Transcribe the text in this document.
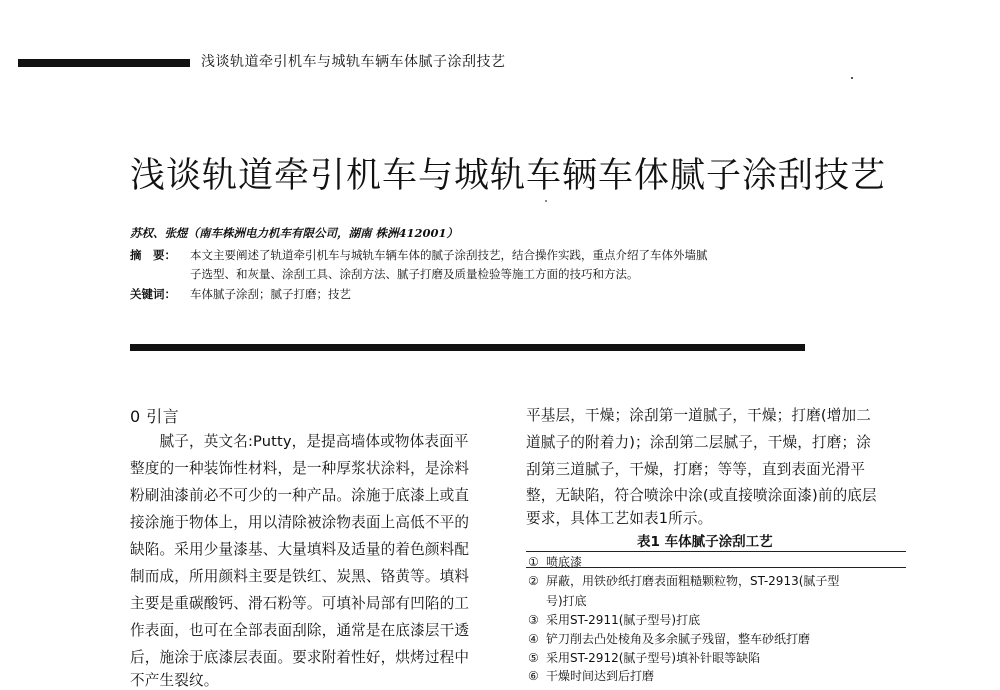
浅谈轨道牵引机车与城轨车辆车体腻子涂刮技艺
浅谈轨道牵引机车与城轨车辆车体腻子涂刮技艺
苏权、张煜（南车株洲电力机车有限公司，湖南 株洲412001）
摘　要： 本文主要阐述了轨道牵引机车与城轨车辆车体的腻子涂刮技艺，结合操作实践，重点介绍了车体外墙腻
子选型、和灰量、涂刮工具、涂刮方法、腻子打磨及质量检验等施工方面的技巧和方法。
关键词： 车体腻子涂刮；腻子打磨；技艺
0 引言
　　腻子，英文名:Putty，是提高墙体或物体表面平
整度的一种装饰性材料，是一种厚浆状涂料，是涂料
粉刷油漆前必不可少的一种产品。涂施于底漆上或直
接涂施于物体上，用以清除被涂物表面上高低不平的
缺陷。采用少量漆基、大量填料及适量的着色颜料配
制而成，所用颜料主要是铁红、炭黑、铬黄等。填料
主要是重碳酸钙、滑石粉等。可填补局部有凹陷的工
作表面，也可在全部表面刮除，通常是在底漆层干透
后，施涂于底漆层表面。要求附着性好，烘烤过程中
不产生裂纹。
平基层，干燥；涂刮第一道腻子，干燥；打磨(增加二
道腻子的附着力)；涂刮第二层腻子，干燥，打磨；涂
刮第三道腻子，干燥，打磨；等等，直到表面光滑平
整，无缺陷，符合喷涂中涂(或直接喷涂面漆)前的底层
要求，具体工艺如表1所示。
表1 车体腻子涂刮工艺
① 喷底漆
② 屏蔽，用铁砂纸打磨表面粗糙颗粒物，ST-2913(腻子型
号)打底
③ 采用ST-2911(腻子型号)打底
④ 铲刀削去凸处棱角及多余腻子残留，整车砂纸打磨
⑤ 采用ST-2912(腻子型号)填补针眼等缺陷
⑥ 干燥时间达到后打磨
